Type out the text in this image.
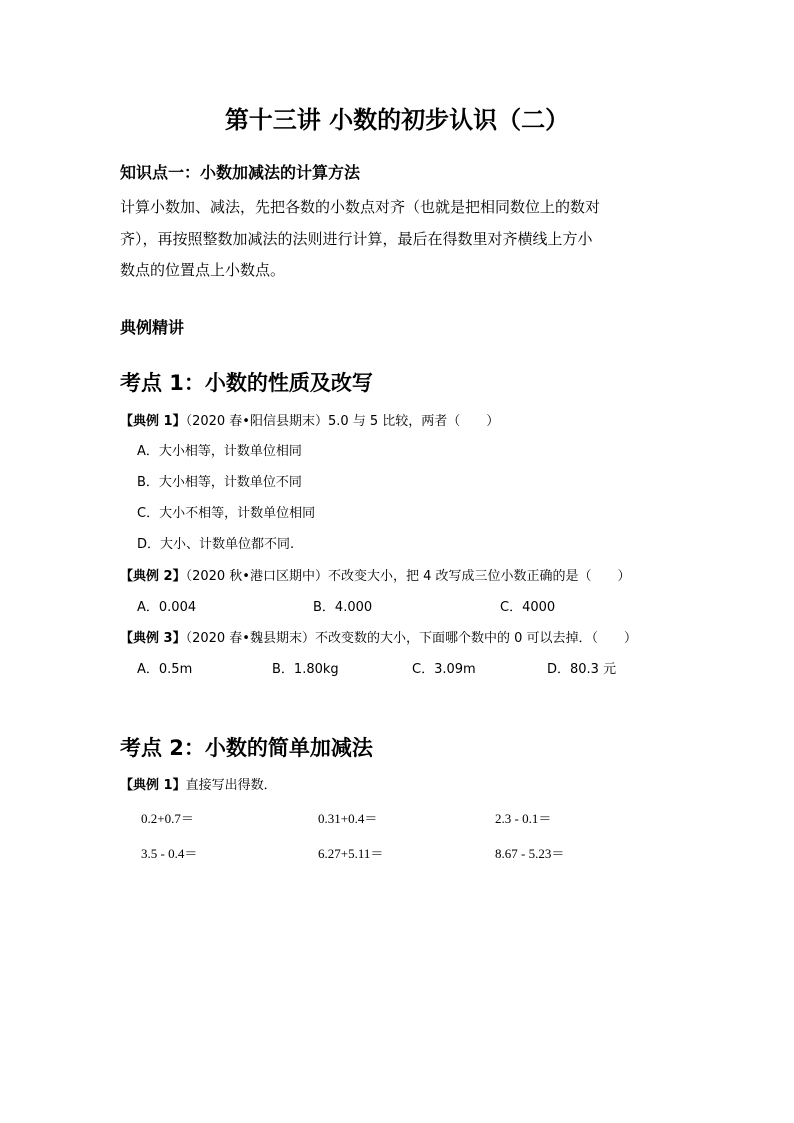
第十三讲 小数的初步认识（二）
知识点一：小数加减法的计算方法
计算小数加、减法，先把各数的小数点对齐（也就是把相同数位上的数对
齐），再按照整数加减法的法则进行计算，最后在得数里对齐横线上方小
数点的位置点上小数点。
典例精讲
考点 1：小数的性质及改写
【典例 1】（2020 春•阳信县期末）5.0 与 5 比较，两者（　　）
A．大小相等，计数单位相同
B．大小相等，计数单位不同
C．大小不相等，计数单位相同
D．大小、计数单位都不同.
【典例 2】（2020 秋•港口区期中）不改变大小，把 4 改写成三位小数正确的是（　　）
A．0.004	B．4.000	C．4000
【典例 3】（2020 春•魏县期末）不改变数的大小，下面哪个数中的 0 可以去掉．（　　）
A．0.5m	B．1.80kg	C．3.09m	D．80.3 元
考点 2：小数的简单加减法
【典例 1】直接写出得数．
0.2+0.7＝	0.31+0.4＝	2.3 - 0.1＝
3.5 - 0.4＝	6.27+5.11＝	8.67 - 5.23＝
